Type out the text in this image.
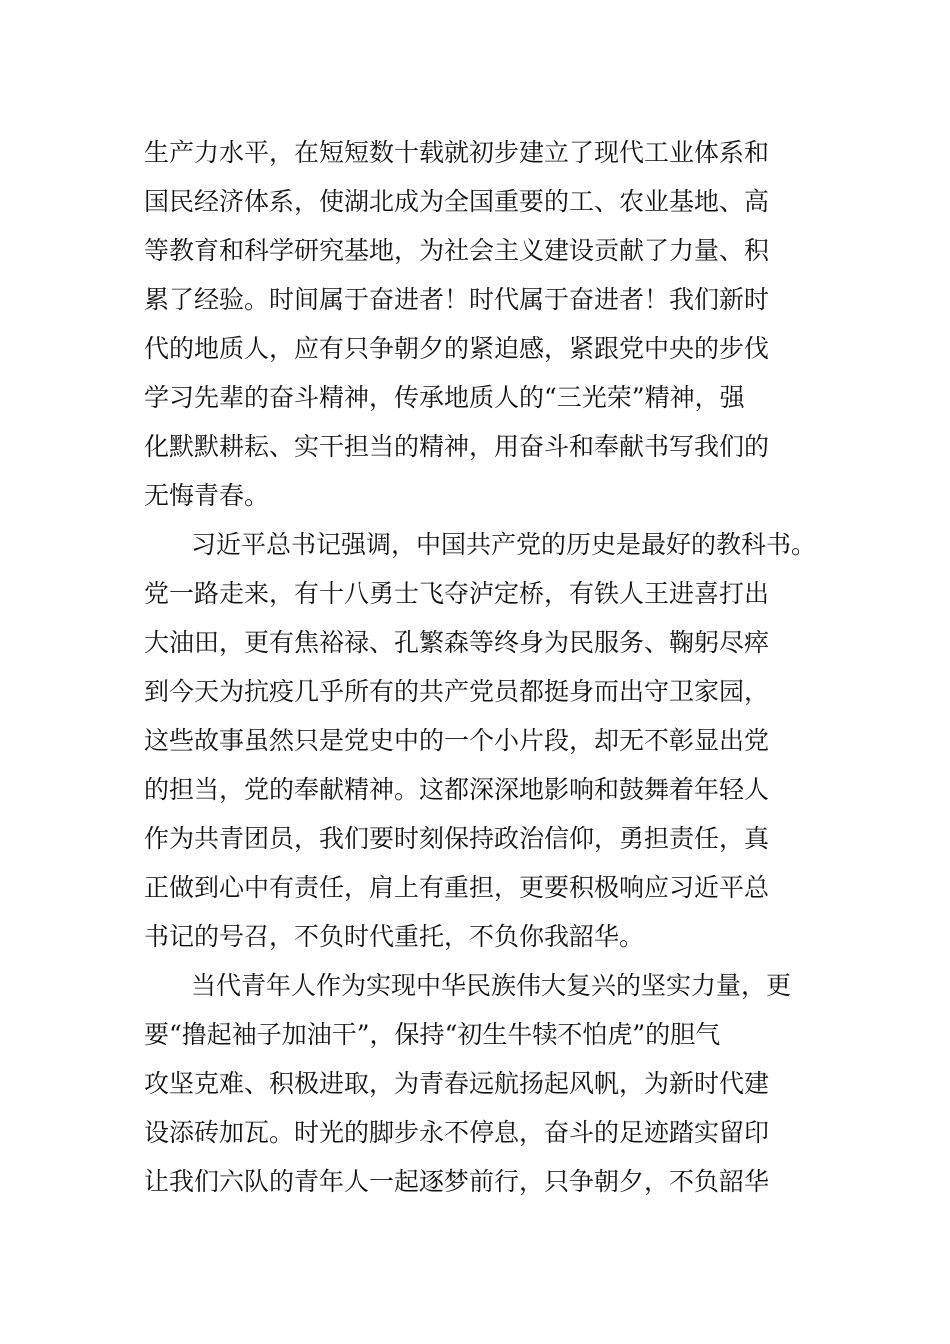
生产力水平，在短短数十载就初步建立了现代工业体系和
国民经济体系，使湖北成为全国重要的工、农业基地、高
等教育和科学研究基地，为社会主义建设贡献了力量、积
累了经验。时间属于奋进者！时代属于奋进者！我们新时
代的地质人，应有只争朝夕的紧迫感，紧跟党中央的步伐
学习先辈的奋斗精神，传承地质人的“三光荣”精神，强
化默默耕耘、实干担当的精神，用奋斗和奉献书写我们的
无悔青春。
习近平总书记强调，中国共产党的历史是最好的教科书。
党一路走来，有十八勇士飞夺泸定桥，有铁人王进喜打出
大油田，更有焦裕禄、孔繁森等终身为民服务、鞠躬尽瘁
到今天为抗疫几乎所有的共产党员都挺身而出守卫家园，
这些故事虽然只是党史中的一个小片段，却无不彰显出党
的担当，党的奉献精神。这都深深地影响和鼓舞着年轻人
作为共青团员，我们要时刻保持政治信仰，勇担责任，真
正做到心中有责任，肩上有重担，更要积极响应习近平总
书记的号召，不负时代重托，不负你我韶华。
当代青年人作为实现中华民族伟大复兴的坚实力量，更
要“撸起袖子加油干”，保持“初生牛犊不怕虎”的胆气
攻坚克难、积极进取，为青春远航扬起风帆，为新时代建
设添砖加瓦。时光的脚步永不停息，奋斗的足迹踏实留印
让我们六队的青年人一起逐梦前行，只争朝夕，不负韶华
